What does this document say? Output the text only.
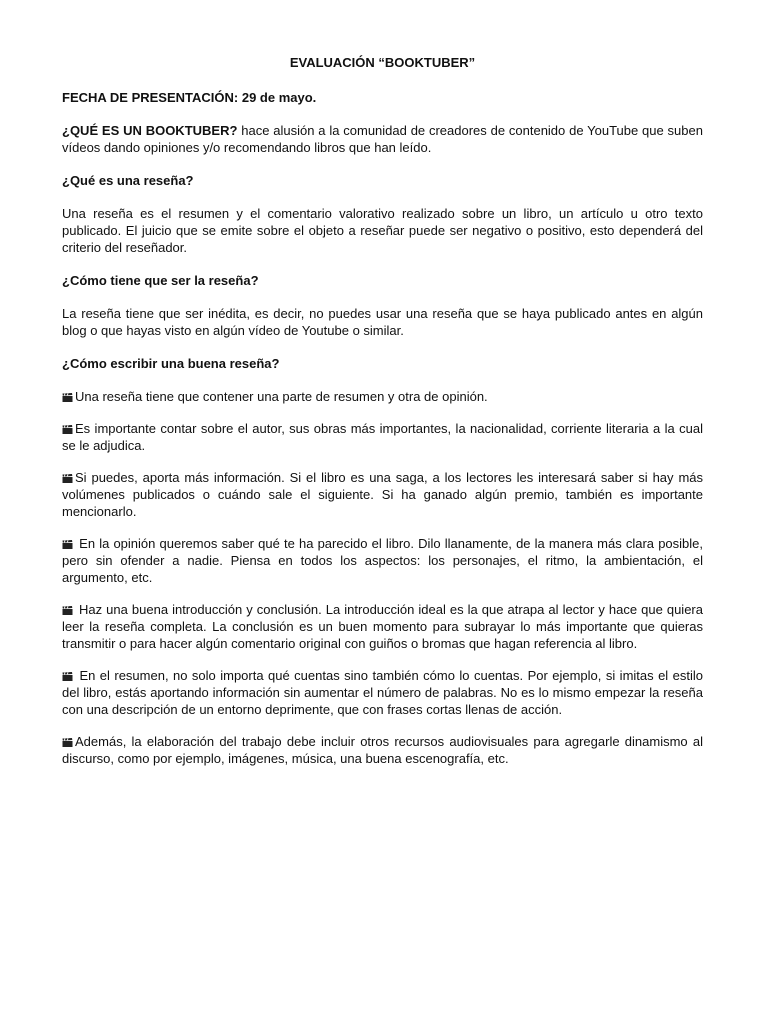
EVALUACIÓN “BOOKTUBER”
FECHA DE PRESENTACIÓN: 29 de mayo.
¿QUÉ ES UN BOOKTUBER? hace alusión a la comunidad de creadores de contenido de YouTube que suben vídeos dando opiniones y/o recomendando libros que han leído.
¿Qué es una reseña?
Una reseña es el resumen y el comentario valorativo realizado sobre un libro, un artículo u otro texto publicado. El juicio que se emite sobre el objeto a reseñar puede ser negativo o positivo, esto dependerá del criterio del reseñador.
¿Cómo tiene que ser la reseña?
La reseña tiene que ser inédita, es decir, no puedes usar una reseña que se haya publicado antes en algún blog o que hayas visto en algún vídeo de Youtube o similar.
¿Cómo escribir una buena reseña?
Una reseña tiene que contener una parte de resumen y otra de opinión.
Es importante contar sobre el autor, sus obras más importantes, la nacionalidad, corriente literaria a la cual se le adjudica.
Si puedes, aporta más información. Si el libro es una saga, a los lectores les interesará saber si hay más volúmenes publicados o cuándo sale el siguiente. Si ha ganado algún premio, también es importante mencionarlo.
En la opinión queremos saber qué te ha parecido el libro. Dilo llanamente, de la manera más clara posible, pero sin ofender a nadie. Piensa en todos los aspectos: los personajes, el ritmo, la ambientación, el argumento, etc.
Haz una buena introducción y conclusión. La introducción ideal es la que atrapa al lector y hace que quiera leer la reseña completa. La conclusión es un buen momento para subrayar lo más importante que quieras transmitir o para hacer algún comentario original con guiños o bromas que hagan referencia al libro.
En el resumen, no solo importa qué cuentas sino también cómo lo cuentas. Por ejemplo, si imitas el estilo del libro, estás aportando información sin aumentar el número de palabras. No es lo mismo empezar la reseña con una descripción de un entorno deprimente, que con frases cortas llenas de acción.
Además, la elaboración del trabajo debe incluir otros recursos audiovisuales para agregarle dinamismo al discurso, como por ejemplo, imágenes, música, una buena escenografía, etc.
